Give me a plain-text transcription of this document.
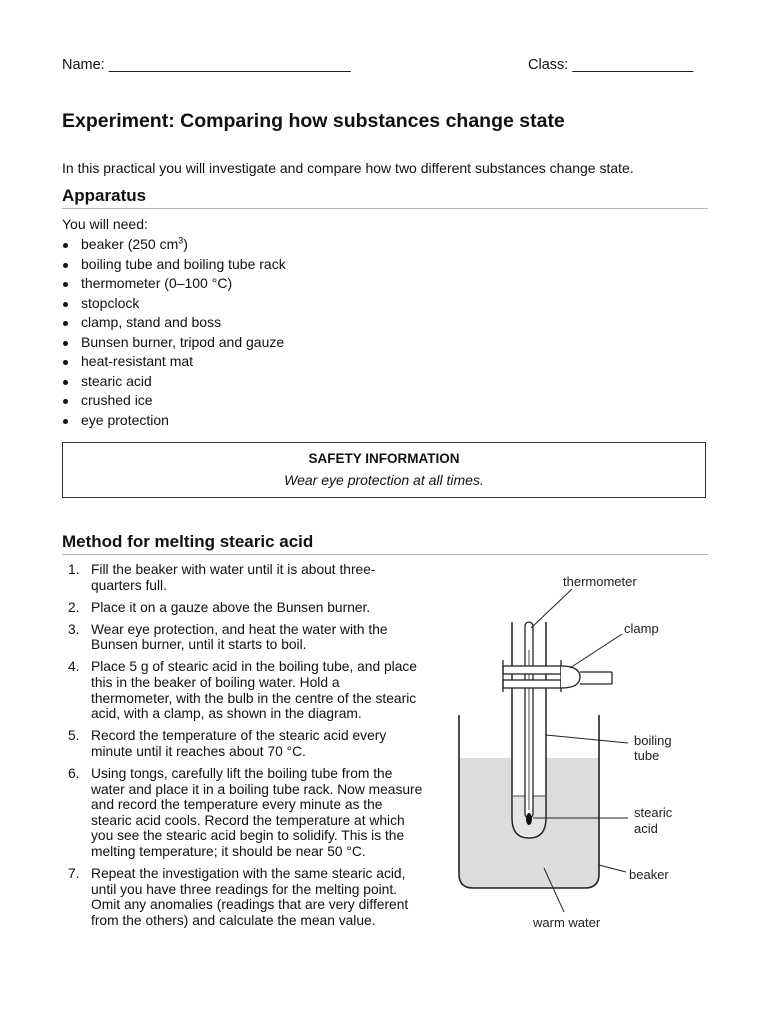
Name: ______________________________	Class: _______________
Experiment: Comparing how substances change state

In this practical you will investigate and compare how two different substances change state.

Apparatus

You will need:

beaker (250 $cm^3$)
boiling tube and boiling tube rack
thermometer (0–100 °C)
stopclock
clamp, stand and boss
Bunsen burner, tripod and gauze
heat-resistant mat
stearic acid
crushed ice
eye protection
SAFETY INFORMATION
Wear eye protection at all times.
Method for melting stearic acid
1. Fill the beaker with water until it is about three-quarters full.
2. Place it on a gauze above the Bunsen burner.
3. Wear eye protection, and heat the water with the Bunsen burner, until it starts to boil.
4. Place 5 g of stearic acid in the boiling tube, and place this in the beaker of boiling water. Hold a thermometer, with the bulb in the centre of the stearic acid, with a clamp, as shown in the diagram.
5. Record the temperature of the stearic acid every minute until it reaches about 70 °C.
6. Using tongs, carefully lift the boiling tube from the water and place it in a boiling tube rack. Now measure and record the temperature every minute as the stearic acid cools. Record the temperature at which you see the stearic acid begin to solidify. This is the melting temperature; it should be near 50 °C.
7. Repeat the investigation with the same stearic acid, until you have three readings for the melting point. Omit any anomalies (readings that are very different from the others) and calculate the mean value.
thermometer
clamp
boiling
tube
stearic
acid
beaker
warm water
